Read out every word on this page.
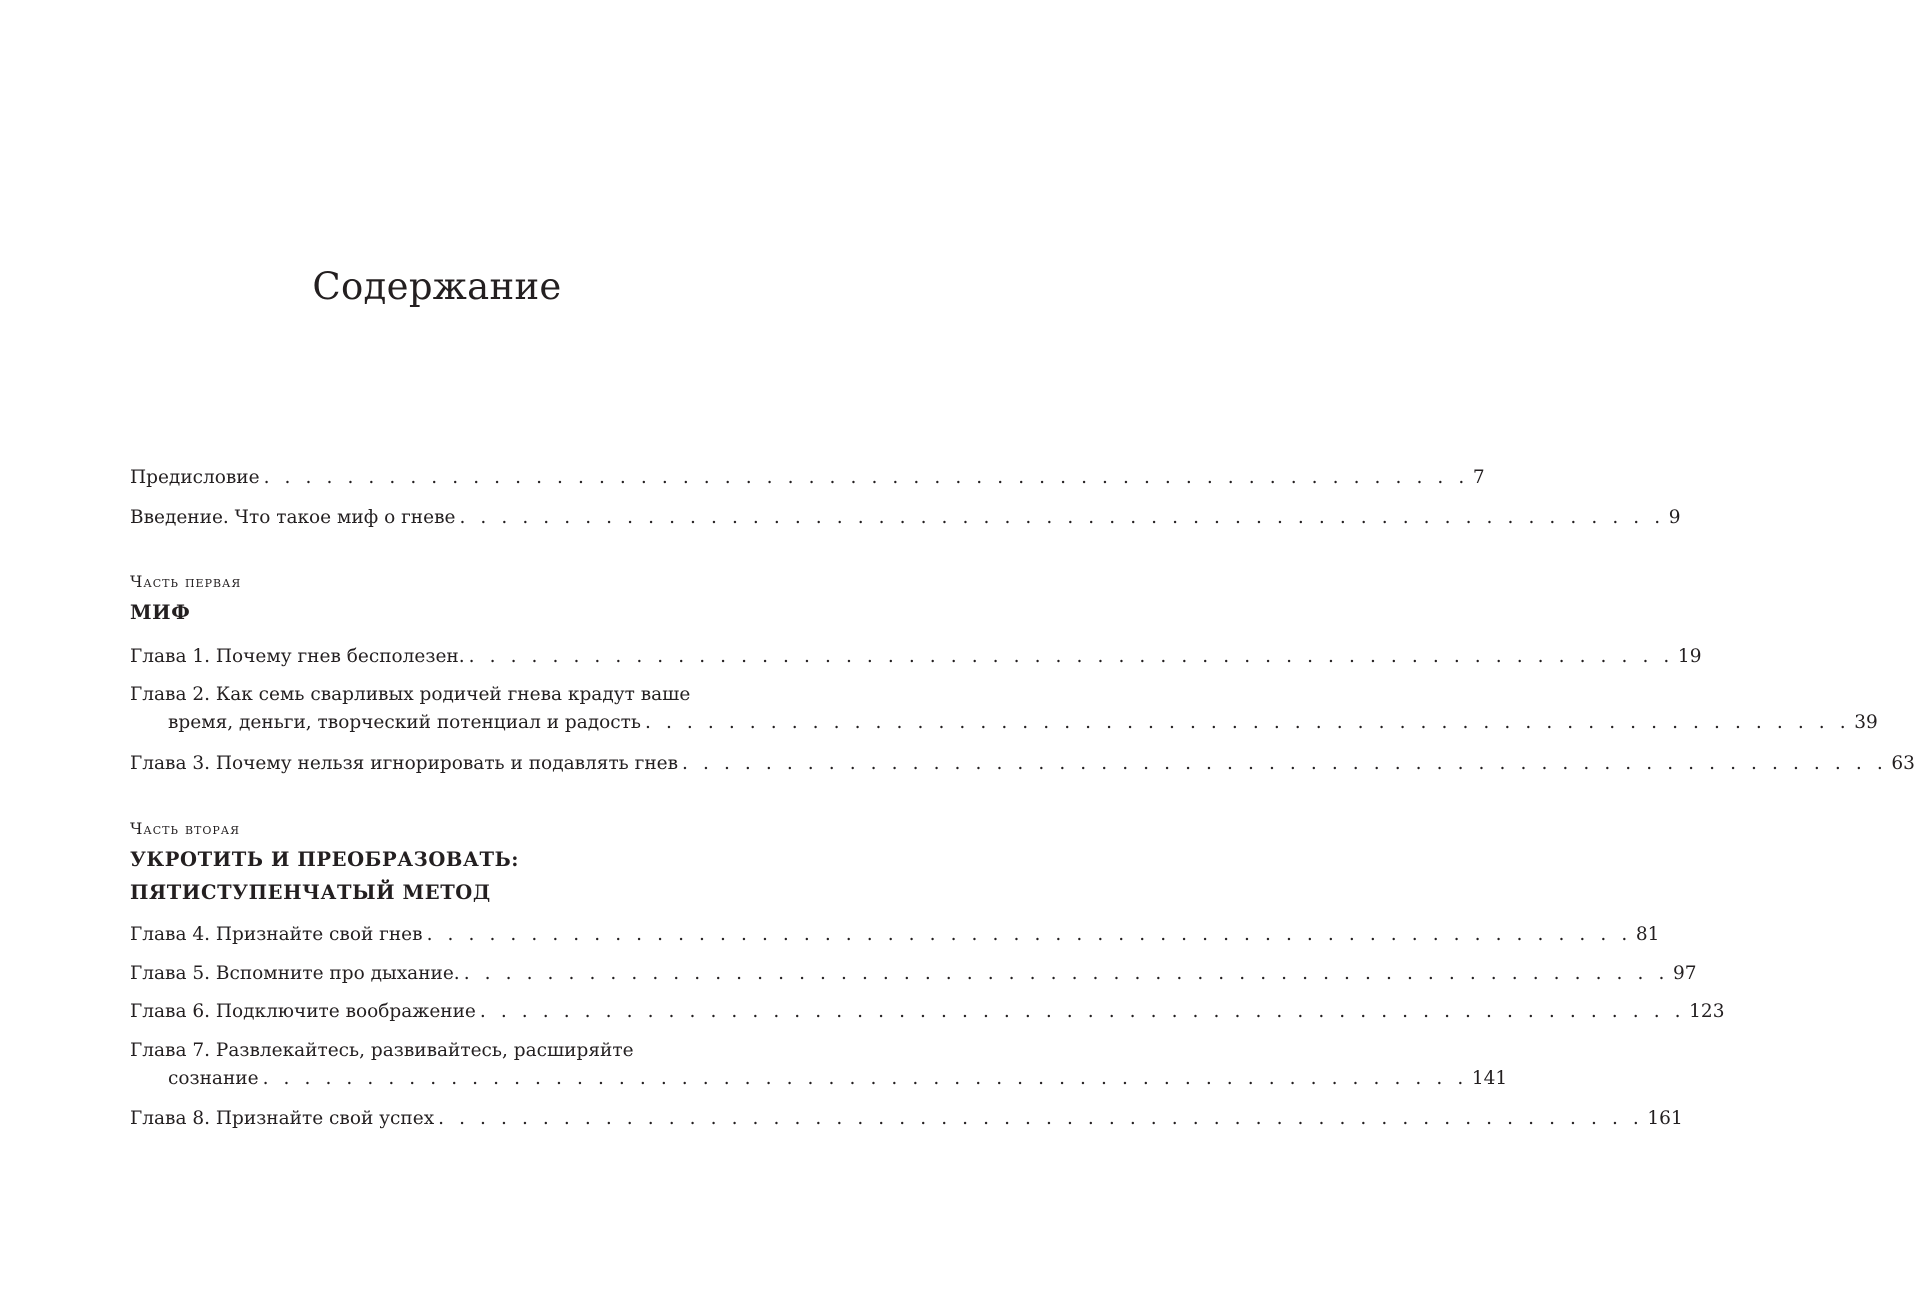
Содержание
Предисловие . . . . . . . . . . . . . . . . . . . . . . . . . . . . . . . . . . . . . . . . . . . . . . . . . . . . . . . . . . 7
Введение. Что такое миф о гневе . . . . . . . . . . . . . . . . . . . . . . . . . . . . . . . . . . . . . . . . . . . . . . . . . . . . . . . . . . 9
Часть первая
МИФ
Глава 1. Почему гнев бесполезен. . . . . . . . . . . . . . . . . . . . . . . . . . . . . . . . . . . . . . . . . . . . . . . . . . . . . . . . . . . 19
Глава 2. Как семь сварливых родичей гнева крадут ваше
время, деньги, творческий потенциал и радость . . . . . . . . . . . . . . . . . . . . . . . . . . . . . . . . . . . . . . . . . . . . . . . . . . . . . . . . . . 39
Глава 3. Почему нельзя игнорировать и подавлять гнев . . . . . . . . . . . . . . . . . . . . . . . . . . . . . . . . . . . . . . . . . . . . . . . . . . . . . . . . . . 63
Часть вторая
УКРОТИТЬ И ПРЕОБРАЗОВАТЬ:
ПЯТИСТУПЕНЧАТЫЙ МЕТОД
Глава 4. Признайте свой гнев . . . . . . . . . . . . . . . . . . . . . . . . . . . . . . . . . . . . . . . . . . . . . . . . . . . . . . . . . . 81
Глава 5. Вспомните про дыхание. . . . . . . . . . . . . . . . . . . . . . . . . . . . . . . . . . . . . . . . . . . . . . . . . . . . . . . . . . . 97
Глава 6. Подключите воображение . . . . . . . . . . . . . . . . . . . . . . . . . . . . . . . . . . . . . . . . . . . . . . . . . . . . . . . . . . 123
Глава 7. Развлекайтесь, развивайтесь, расширяйте
сознание . . . . . . . . . . . . . . . . . . . . . . . . . . . . . . . . . . . . . . . . . . . . . . . . . . . . . . . . . . 141
Глава 8. Признайте свой успех . . . . . . . . . . . . . . . . . . . . . . . . . . . . . . . . . . . . . . . . . . . . . . . . . . . . . . . . . . 161
